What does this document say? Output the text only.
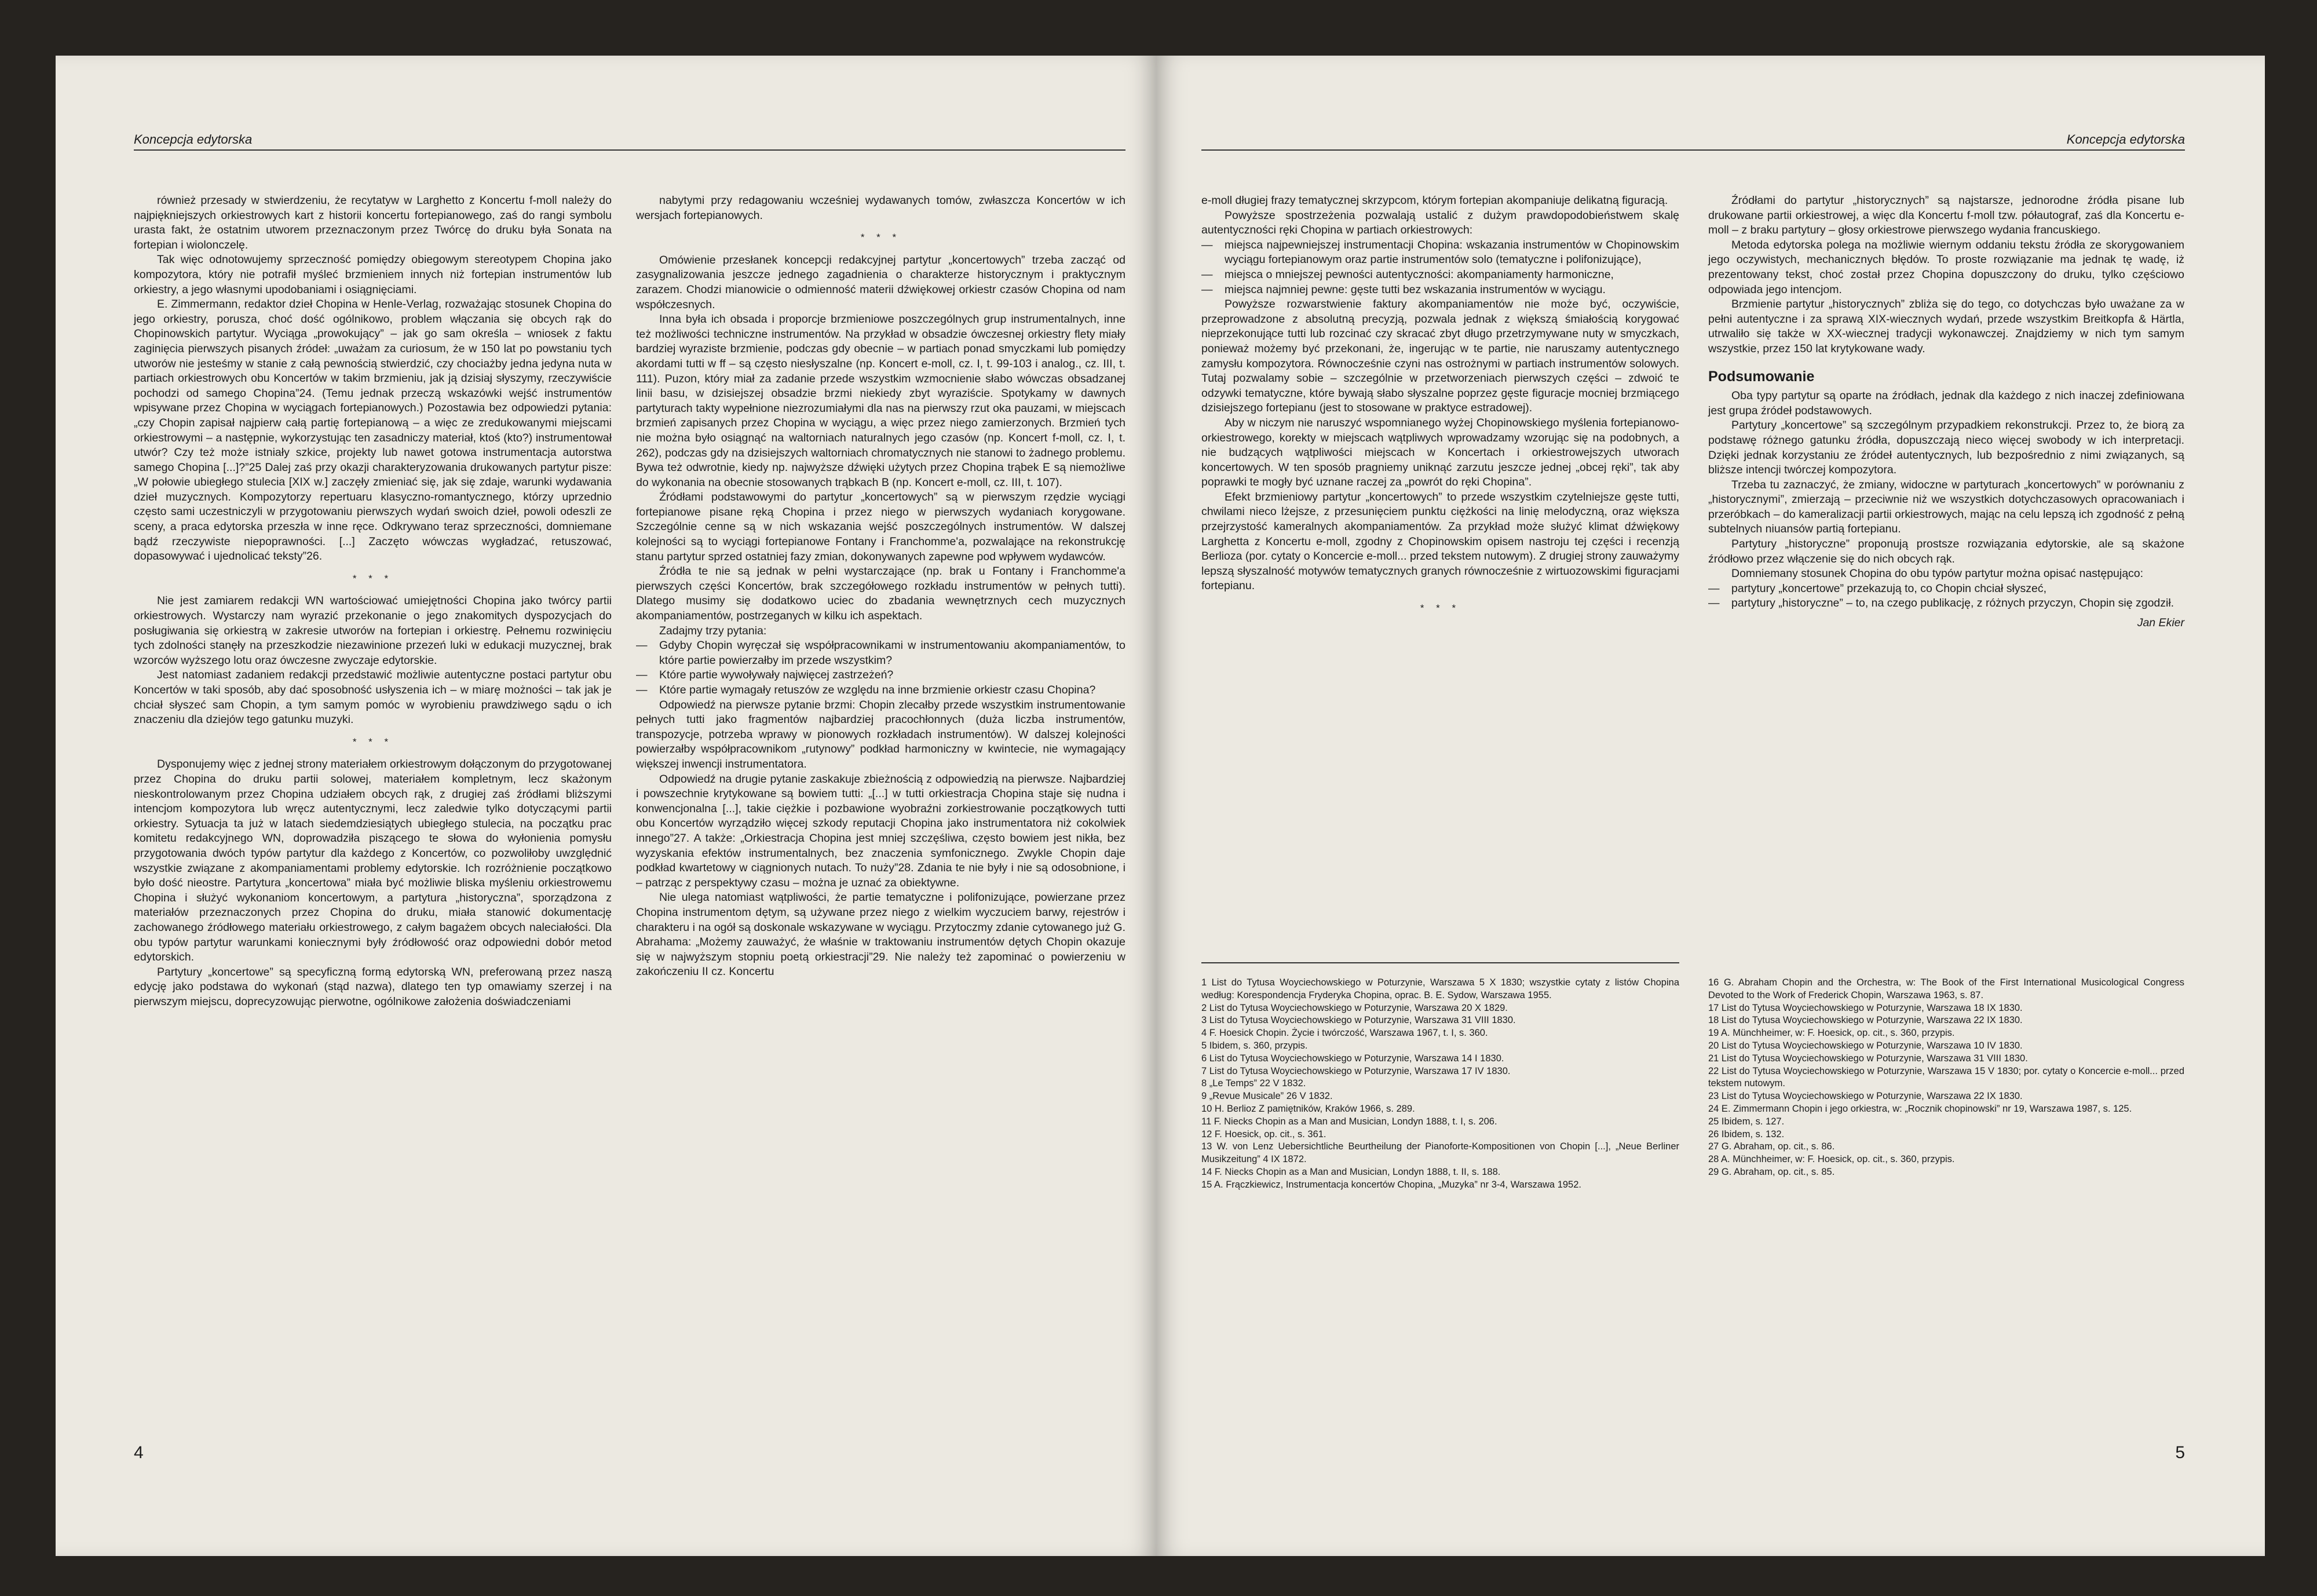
Koncepcja edytorska

również przesady w stwierdzeniu, że recytatyw w Larghetto z Koncertu f-moll należy do najpiękniejszych orkiestrowych kart z historii koncertu fortepianowego, zaś do rangi symbolu urasta fakt, że ostatnim utworem przeznaczonym przez Twórcę do druku była Sonata na fortepian i wiolonczelę.

Tak więc odnotowujemy sprzeczność pomiędzy obiegowym stereotypem Chopina jako kompozytora, który nie potrafił myśleć brzmieniem innych niż fortepian instrumentów lub orkiestry, a jego własnymi upodobaniami i osiągnięciami.

E. Zimmermann, redaktor dzieł Chopina w Henle-Verlag, rozważając stosunek Chopina do jego orkiestry, porusza, choć dość ogólnikowo, problem włączania się obcych rąk do Chopinowskich partytur. Wyciąga „prowokujący” – jak go sam określa – wniosek z faktu zaginięcia pierwszych pisanych źródeł: „uważam za curiosum, że w 150 lat po powstaniu tych utworów nie jesteśmy w stanie z całą pewnością stwierdzić, czy chociażby jedna jedyna nuta w partiach orkiestrowych obu Koncertów w takim brzmieniu, jak ją dzisiaj słyszymy, rzeczywiście pochodzi od samego Chopina”24. (Temu jednak przeczą wskazówki wejść instrumentów wpisywane przez Chopina w wyciągach fortepianowych.) Pozostawia bez odpowiedzi pytania: „czy Chopin zapisał najpierw całą partię fortepianową – a więc ze zredukowanymi miejscami orkiestrowymi – a następnie, wykorzystując ten zasadniczy materiał, ktoś (kto?) instrumentował utwór? Czy też może istniały szkice, projekty lub nawet gotowa instrumentacja autorstwa samego Chopina [...]?”25 Dalej zaś przy okazji charakteryzowania drukowanych partytur pisze: „W połowie ubiegłego stulecia [XIX w.] zaczęły zmieniać się, jak się zdaje, warunki wydawania dzieł muzycznych. Kompozytorzy repertuaru klasyczno-romantycznego, którzy uprzednio często sami uczestniczyli w przygotowaniu pierwszych wydań swoich dzieł, powoli odeszli ze sceny, a praca edytorska przeszła w inne ręce. Odkrywano teraz sprzeczności, domniemane bądź rzeczywiste niepoprawności. [...] Zaczęto wówczas wygładzać, retuszować, dopasowywać i ujednolicać teksty”26.

* * *

Nie jest zamiarem redakcji WN wartościować umiejętności Chopina jako twórcy partii orkiestrowych. Wystarczy nam wyrazić przekonanie o jego znakomitych dyspozycjach do posługiwania się orkiestrą w zakresie utworów na fortepian i orkiestrę. Pełnemu rozwinięciu tych zdolności stanęły na przeszkodzie niezawinione przezeń luki w edukacji muzycznej, brak wzorców wyższego lotu oraz ówczesne zwyczaje edytorskie.

Jest natomiast zadaniem redakcji przedstawić możliwie autentyczne postaci partytur obu Koncertów w taki sposób, aby dać sposobność usłyszenia ich – w miarę możności – tak jak je chciał słyszeć sam Chopin, a tym samym pomóc w wyrobieniu prawdziwego sądu o ich znaczeniu dla dziejów tego gatunku muzyki.

* * *

Dysponujemy więc z jednej strony materiałem orkiestrowym dołączonym do przygotowanej przez Chopina do druku partii solowej, materiałem kompletnym, lecz skażonym nieskontrolowanym przez Chopina udziałem obcych rąk, z drugiej zaś źródłami bliższymi intencjom kompozytora lub wręcz autentycznymi, lecz zaledwie tylko dotyczącymi partii orkiestry. Sytuacja ta już w latach siedemdziesiątych ubiegłego stulecia, na początku prac komitetu redakcyjnego WN, doprowadziła piszącego te słowa do wyłonienia pomysłu przygotowania dwóch typów partytur dla każdego z Koncertów, co pozwoliłoby uwzględnić wszystkie związane z akompaniamentami problemy edytorskie. Ich rozróżnienie początkowo było dość nieostre. Partytura „koncertowa” miała być możliwie bliska myśleniu orkiestrowemu Chopina i służyć wykonaniom koncertowym, a partytura „historyczna”, sporządzona z materiałów przeznaczonych przez Chopina do druku, miała stanowić dokumentację zachowanego źródłowego materiału orkiestrowego, z całym bagażem obcych naleciałości. Dla obu typów partytur warunkami koniecznymi były źródłowość oraz odpowiedni dobór metod edytorskich.

Partytury „koncertowe” są specyficzną formą edytorską WN, preferowaną przez naszą edycję jako podstawa do wykonań (stąd nazwa), dlatego ten typ omawiamy szerzej i na pierwszym miejscu, doprecyzowując pierwotne, ogólnikowe założenia doświadczeniami

nabytymi przy redagowaniu wcześniej wydawanych tomów, zwłaszcza Koncertów w ich wersjach fortepianowych.

* * *

Omówienie przesłanek koncepcji redakcyjnej partytur „koncertowych” trzeba zacząć od zasygnalizowania jeszcze jednego zagadnienia o charakterze historycznym i praktycznym zarazem. Chodzi mianowicie o odmienność materii dźwiękowej orkiestr czasów Chopina od nam współczesnych.

Inna była ich obsada i proporcje brzmieniowe poszczególnych grup instrumentalnych, inne też możliwości techniczne instrumentów. Na przykład w obsadzie ówczesnej orkiestry flety miały bardziej wyraziste brzmienie, podczas gdy obecnie – w partiach ponad smyczkami lub pomiędzy akordami tutti w ff – są często niesłyszalne (np. Koncert e-moll, cz. I, t. 99-103 i analog., cz. III, t. 111). Puzon, który miał za zadanie przede wszystkim wzmocnienie słabo wówczas obsadzanej linii basu, w dzisiejszej obsadzie brzmi niekiedy zbyt wyraziście. Spotykamy w dawnych partyturach takty wypełnione niezrozumiałymi dla nas na pierwszy rzut oka pauzami, w miejscach brzmień zapisanych przez Chopina w wyciągu, a więc przez niego zamierzonych. Brzmień tych nie można było osiągnąć na waltorniach naturalnych jego czasów (np. Koncert f-moll, cz. I, t. 262), podczas gdy na dzisiejszych waltorniach chromatycznych nie stanowi to żadnego problemu. Bywa też odwrotnie, kiedy np. najwyższe dźwięki użytych przez Chopina trąbek E są niemożliwe do wykonania na obecnie stosowanych trąbkach B (np. Koncert e-moll, cz. III, t. 107).

Źródłami podstawowymi do partytur „koncertowych” są w pierwszym rzędzie wyciągi fortepianowe pisane ręką Chopina i przez niego w pierwszych wydaniach korygowane. Szczególnie cenne są w nich wskazania wejść poszczególnych instrumentów. W dalszej kolejności są to wyciągi fortepianowe Fontany i Franchomme'a, pozwalające na rekonstrukcję stanu partytur sprzed ostatniej fazy zmian, dokonywanych zapewne pod wpływem wydawców.

Źródła te nie są jednak w pełni wystarczające (np. brak u Fontany i Franchomme'a pierwszych części Koncertów, brak szczegółowego rozkładu instrumentów w pełnych tutti). Dlatego musimy się dodatkowo uciec do zbadania wewnętrznych cech muzycznych akompaniamentów, postrzeganych w kilku ich aspektach.

Zadajmy trzy pytania:

— Gdyby Chopin wyręczał się współpracownikami w instrumentowaniu akompaniamentów, to które partie powierzałby im przede wszystkim?
— Które partie wywoływały najwięcej zastrzeżeń?
— Które partie wymagały retuszów ze względu na inne brzmienie orkiestr czasu Chopina?

Odpowiedź na pierwsze pytanie brzmi: Chopin zlecałby przede wszystkim instrumentowanie pełnych tutti jako fragmentów najbardziej pracochłonnych (duża liczba instrumentów, transpozycje, potrzeba wprawy w pionowych rozkładach instrumentów). W dalszej kolejności powierzałby współpracownikom „rutynowy” podkład harmoniczny w kwintecie, nie wymagający większej inwencji instrumentatora.

Odpowiedź na drugie pytanie zaskakuje zbieżnością z odpowiedzią na pierwsze. Najbardziej i powszechnie krytykowane są bowiem tutti: „[...] w tutti orkiestracja Chopina staje się nudna i konwencjonalna [...], takie ciężkie i pozbawione wyobraźni zorkiestrowanie początkowych tutti obu Koncertów wyrządziło więcej szkody reputacji Chopina jako instrumentatora niż cokolwiek innego”27. A także: „Orkiestracja Chopina jest mniej szczęśliwa, często bowiem jest nikła, bez wyzyskania efektów instrumentalnych, bez znaczenia symfonicznego. Zwykle Chopin daje podkład kwartetowy w ciągnionych nutach. To nuży”28. Zdania te nie były i nie są odosobnione, i – patrząc z perspektywy czasu – można je uznać za obiektywne.

Nie ulega natomiast wątpliwości, że partie tematyczne i polifonizujące, powierzane przez Chopina instrumentom dętym, są używane przez niego z wielkim wyczuciem barwy, rejestrów i charakteru i na ogół są doskonale wskazywane w wyciągu. Przytoczmy zdanie cytowanego już G. Abrahama: „Możemy zauważyć, że właśnie w traktowaniu instrumentów dętych Chopin okazuje się w najwyższym stopniu poetą orkiestracji”29. Nie należy też zapominać o powierzeniu w zakończeniu II cz. Koncertu

4
Koncepcja edytorska

e-moll długiej frazy tematycznej skrzypcom, którym fortepian akompaniuje delikatną figuracją.

Powyższe spostrzeżenia pozwalają ustalić z dużym prawdopodobieństwem skalę autentyczności ręki Chopina w partiach orkiestrowych:

— miejsca najpewniejszej instrumentacji Chopina: wskazania instrumentów w Chopinowskim wyciągu fortepianowym oraz partie instrumentów solo (tematyczne i polifonizujące),
— miejsca o mniejszej pewności autentyczności: akompaniamenty harmoniczne,
— miejsca najmniej pewne: gęste tutti bez wskazania instrumentów w wyciągu.

Powyższe rozwarstwienie faktury akompaniamentów nie może być, oczywiście, przeprowadzone z absolutną precyzją, pozwala jednak z większą śmiałością korygować nieprzekonujące tutti lub rozcinać czy skracać zbyt długo przetrzymywane nuty w smyczkach, ponieważ możemy być przekonani, że, ingerując w te partie, nie naruszamy autentycznego zamysłu kompozytora. Równocześnie czyni nas ostrożnymi w partiach instrumentów solowych. Tutaj pozwalamy sobie – szczególnie w przetworzeniach pierwszych części – zdwoić te odzywki tematyczne, które bywają słabo słyszalne poprzez gęste figuracje mocniej brzmiącego dzisiejszego fortepianu (jest to stosowane w praktyce estradowej).

Aby w niczym nie naruszyć wspomnianego wyżej Chopinowskiego myślenia fortepianowo-orkiestrowego, korekty w miejscach wątpliwych wprowadzamy wzorując się na podobnych, a nie budzących wątpliwości miejscach w Koncertach i orkiestrowejszych utworach koncertowych. W ten sposób pragniemy uniknąć zarzutu jeszcze jednej „obcej ręki”, tak aby poprawki te mogły być uznane raczej za „powrót do ręki Chopina”.

Efekt brzmieniowy partytur „koncertowych” to przede wszystkim czytelniejsze gęste tutti, chwilami nieco lżejsze, z przesunięciem punktu ciężkości na linię melodyczną, oraz większa przejrzystość kameralnych akompaniamentów. Za przykład może służyć klimat dźwiękowy Larghetta z Koncertu e-moll, zgodny z Chopinowskim opisem nastroju tej części i recenzją Berlioza (por. cytaty o Koncercie e-moll... przed tekstem nutowym). Z drugiej strony zauważymy lepszą słyszalność motywów tematycznych granych równocześnie z wirtuozowskimi figuracjami fortepianu.

* * *

Źródłami do partytur „historycznych” są najstarsze, jednorodne źródła pisane lub drukowane partii orkiestrowej, a więc dla Koncertu f-moll tzw. półautograf, zaś dla Koncertu e-moll – z braku partytury – głosy orkiestrowe pierwszego wydania francuskiego.

Metoda edytorska polega na możliwie wiernym oddaniu tekstu źródła ze skorygowaniem jego oczywistych, mechanicznych błędów. To proste rozwiązanie ma jednak tę wadę, iż prezentowany tekst, choć został przez Chopina dopuszczony do druku, tylko częściowo odpowiada jego intencjom.

Brzmienie partytur „historycznych” zbliża się do tego, co dotychczas było uważane za w pełni autentyczne i za sprawą XIX-wiecznych wydań, przede wszystkim Breitkopfa & Härtla, utrwaliło się także w XX-wiecznej tradycji wykonawczej. Znajdziemy w nich tym samym wszystkie, przez 150 lat krytykowane wady.

Podsumowanie

Oba typy partytur są oparte na źródłach, jednak dla każdego z nich inaczej zdefiniowana jest grupa źródeł podstawowych.

Partytury „koncertowe” są szczególnym przypadkiem rekonstrukcji. Przez to, że biorą za podstawę różnego gatunku źródła, dopuszczają nieco więcej swobody w ich interpretacji. Dzięki jednak korzystaniu ze źródeł autentycznych, lub bezpośrednio z nimi związanych, są bliższe intencji twórczej kompozytora.

Trzeba tu zaznaczyć, że zmiany, widoczne w partyturach „koncertowych” w porównaniu z „historycznymi”, zmierzają – przeciwnie niż we wszystkich dotychczasowych opracowaniach i przeróbkach – do kameralizacji partii orkiestrowych, mając na celu lepszą ich zgodność z pełną subtelnych niuansów partią fortepianu.

Partytury „historyczne” proponują prostsze rozwiązania edytorskie, ale są skażone źródłowo przez włączenie się do nich obcych rąk.

Domniemany stosunek Chopina do obu typów partytur można opisać następująco:

— partytury „koncertowe” przekazują to, co Chopin chciał słyszeć,
— partytury „historyczne” – to, na czego publikację, z różnych przyczyn, Chopin się zgodził.
Jan Ekier

1 List do Tytusa Woyciechowskiego w Poturzynie, Warszawa 5 X 1830; wszystkie cytaty z listów Chopina według: Korespondencja Fryderyka Chopina, oprac. B. E. Sydow, Warszawa 1955.

2 List do Tytusa Woyciechowskiego w Poturzynie, Warszawa 20 X 1829.

3 List do Tytusa Woyciechowskiego w Poturzynie, Warszawa 31 VIII 1830.

4 F. Hoesick Chopin. Życie i twórczość, Warszawa 1967, t. I, s. 360.

5 Ibidem, s. 360, przypis.

6 List do Tytusa Woyciechowskiego w Poturzynie, Warszawa 14 I 1830.

7 List do Tytusa Woyciechowskiego w Poturzynie, Warszawa 17 IV 1830.

8 „Le Temps” 22 V 1832.

9 „Revue Musicale” 26 V 1832.

10 H. Berlioz Z pamiętników, Kraków 1966, s. 289.

11 F. Niecks Chopin as a Man and Musician, Londyn 1888, t. I, s. 206.

12 F. Hoesick, op. cit., s. 361.

13 W. von Lenz Uebersichtliche Beurtheilung der Pianoforte-Kompositionen von Chopin [...], „Neue Berliner Musikzeitung” 4 IX 1872.

14 F. Niecks Chopin as a Man and Musician, Londyn 1888, t. II, s. 188.

15 A. Frączkiewicz, Instrumentacja koncertów Chopina, „Muzyka” nr 3-4, Warszawa 1952.

16 G. Abraham Chopin and the Orchestra, w: The Book of the First International Musicological Congress Devoted to the Work of Frederick Chopin, Warszawa 1963, s. 87.

17 List do Tytusa Woyciechowskiego w Poturzynie, Warszawa 18 IX 1830.

18 List do Tytusa Woyciechowskiego w Poturzynie, Warszawa 22 IX 1830.

19 A. Münchheimer, w: F. Hoesick, op. cit., s. 360, przypis.

20 List do Tytusa Woyciechowskiego w Poturzynie, Warszawa 10 IV 1830.

21 List do Tytusa Woyciechowskiego w Poturzynie, Warszawa 31 VIII 1830.

22 List do Tytusa Woyciechowskiego w Poturzynie, Warszawa 15 V 1830; por. cytaty o Koncercie e-moll... przed tekstem nutowym.

23 List do Tytusa Woyciechowskiego w Poturzynie, Warszawa 22 IX 1830.

24 E. Zimmermann Chopin i jego orkiestra, w: „Rocznik chopinowski” nr 19, Warszawa 1987, s. 125.

25 Ibidem, s. 127.

26 Ibidem, s. 132.

27 G. Abraham, op. cit., s. 86.

28 A. Münchheimer, w: F. Hoesick, op. cit., s. 360, przypis.

29 G. Abraham, op. cit., s. 85.

5
